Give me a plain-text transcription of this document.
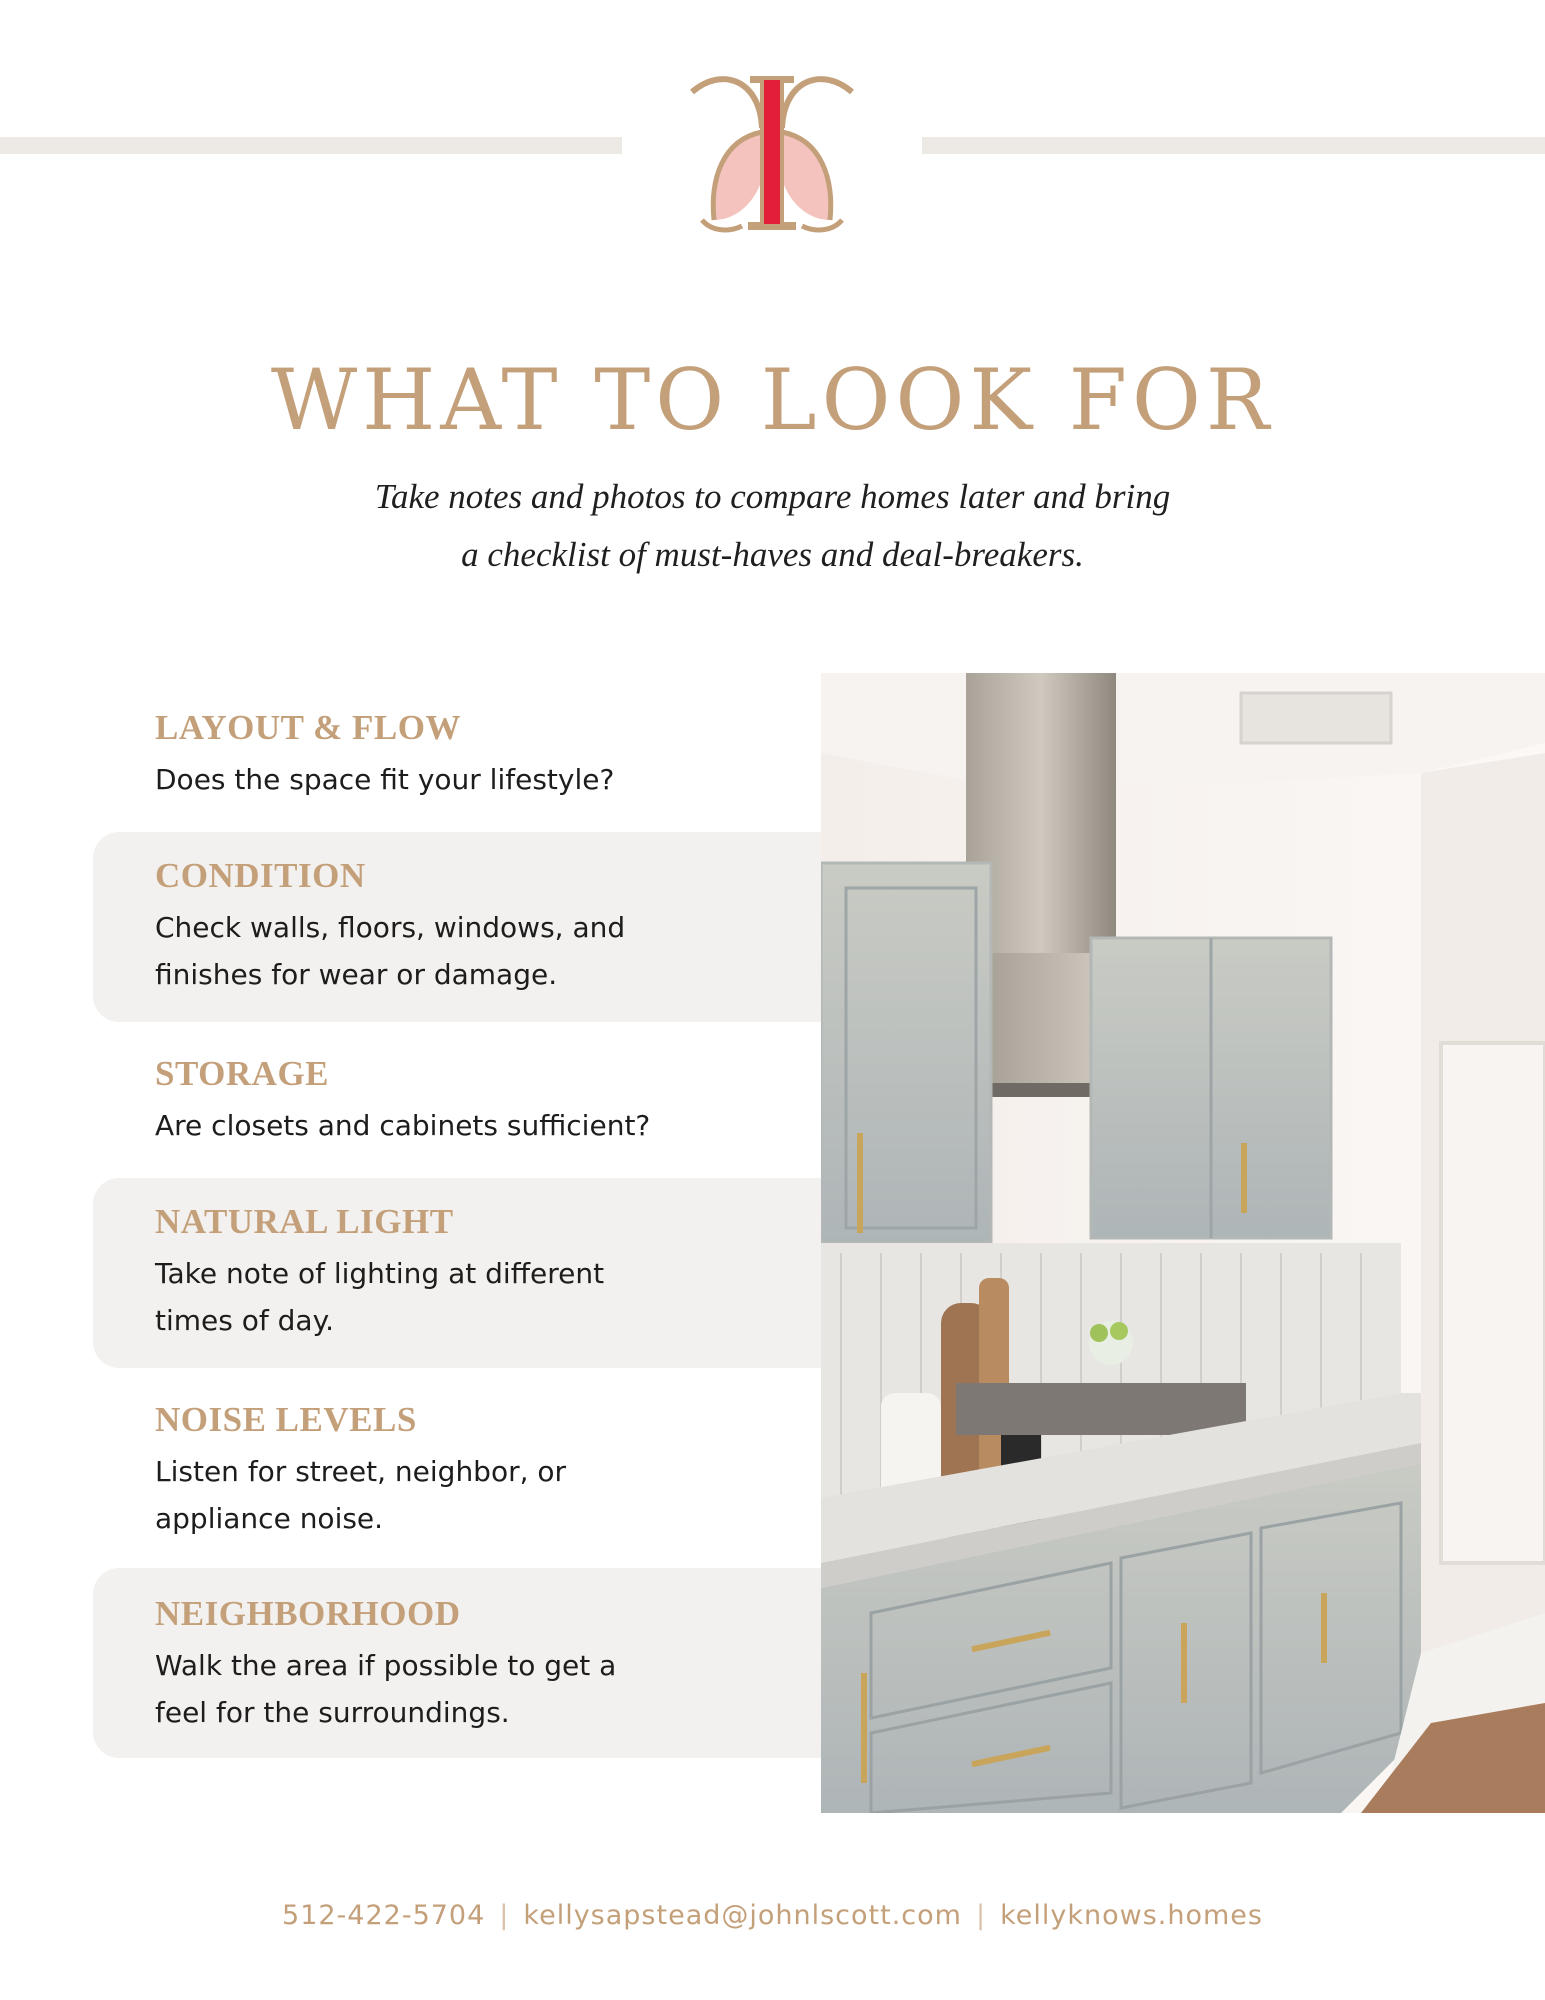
WHAT TO LOOK FOR
Take notes and photos to compare homes later and bring
a checklist of must-haves and deal-breakers.
LAYOUT & FLOW

Does the space fit your lifestyle?

CONDITION

Check walls, floors, windows, and
finishes for wear or damage.

STORAGE

Are closets and cabinets sufficient?

NATURAL LIGHT

Take note of lighting at different
times of day.

NOISE LEVELS

Listen for street, neighbor, or
appliance noise.

NEIGHBORHOOD

Walk the area if possible to get a
feel for the surroundings.

512-422-5704 | kellysapstead@johnlscott.com | kellyknows.homes
